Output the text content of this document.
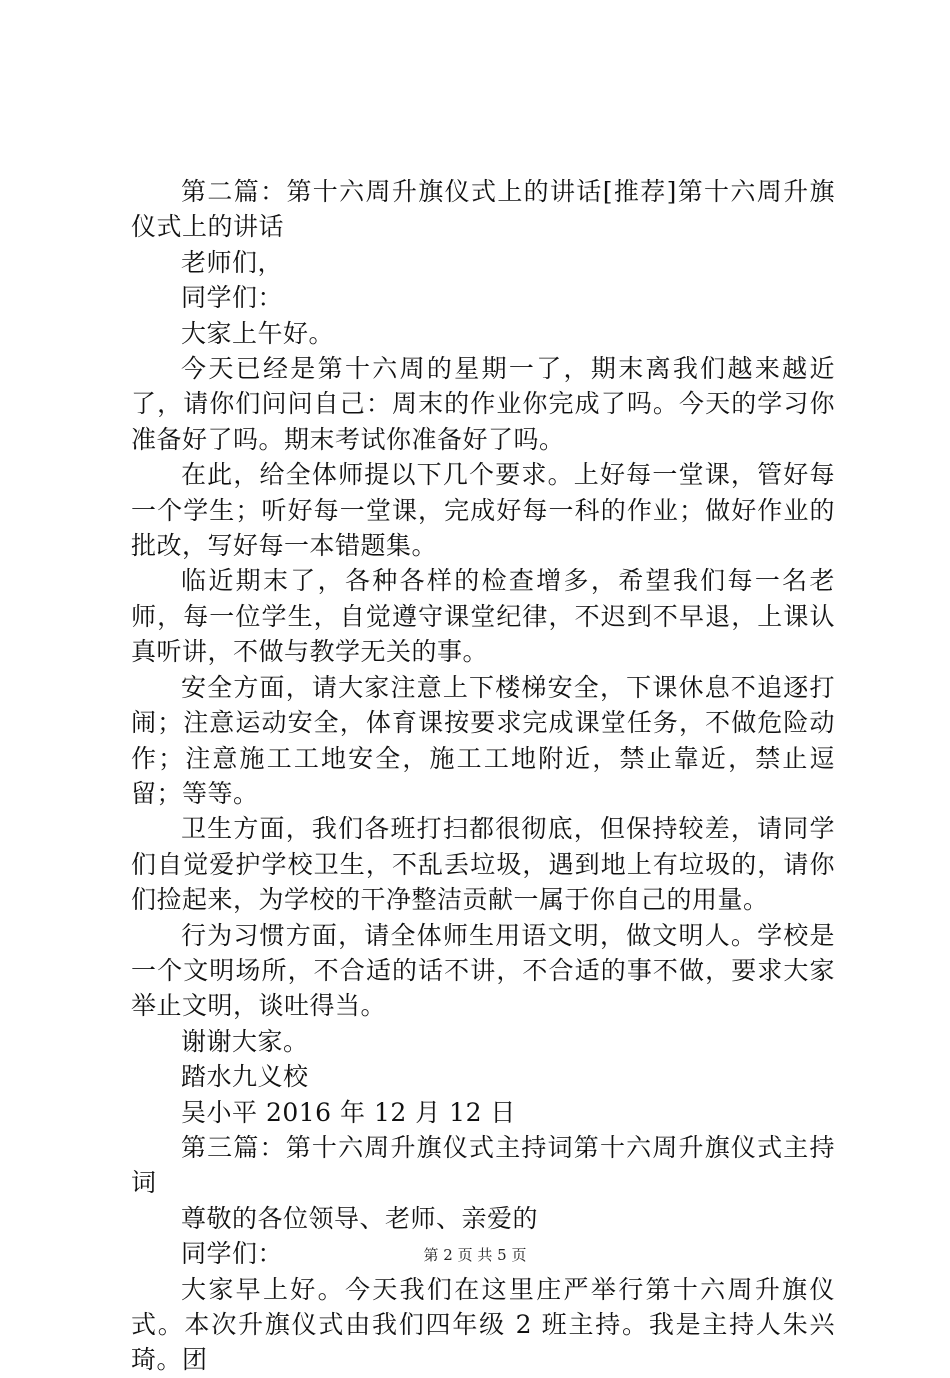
第二篇：第十六周升旗仪式上的讲话[推荐]第十六周升旗仪式上的讲话

老师们，

同学们：

大家上午好。

今天已经是第十六周的星期一了，期末离我们越来越近了，请你们问问自己：周末的作业你完成了吗。今天的学习你准备好了吗。期末考试你准备好了吗。

在此，给全体师提以下几个要求。上好每一堂课，管好每一个学生；听好每一堂课，完成好每一科的作业；做好作业的批改，写好每一本错题集。

临近期末了，各种各样的检查增多，希望我们每一名老师，每一位学生，自觉遵守课堂纪律，不迟到不早退，上课认真听讲，不做与教学无关的事。

安全方面，请大家注意上下楼梯安全，下课休息不追逐打闹；注意运动安全，体育课按要求完成课堂任务，不做危险动作；注意施工工地安全，施工工地附近，禁止靠近，禁止逗留；等等。

卫生方面，我们各班打扫都很彻底，但保持较差，请同学们自觉爱护学校卫生，不乱丢垃圾，遇到地上有垃圾的，请你们捡起来，为学校的干净整洁贡献一属于你自己的用量。

行为习惯方面，请全体师生用语文明，做文明人。学校是一个文明场所，不合适的话不讲，不合适的事不做，要求大家举止文明，谈吐得当。

谢谢大家。

踏水九义校

吴小平 2016 年 12 月 12 日

第三篇：第十六周升旗仪式主持词第十六周升旗仪式主持词

尊敬的各位领导、老师、亲爱的

同学们：

大家早上好。今天我们在这里庄严举行第十六周升旗仪式。本次升旗仪式由我们四年级 2 班主持。我是主持人朱兴琦。团

第 2 页 共 5 页
